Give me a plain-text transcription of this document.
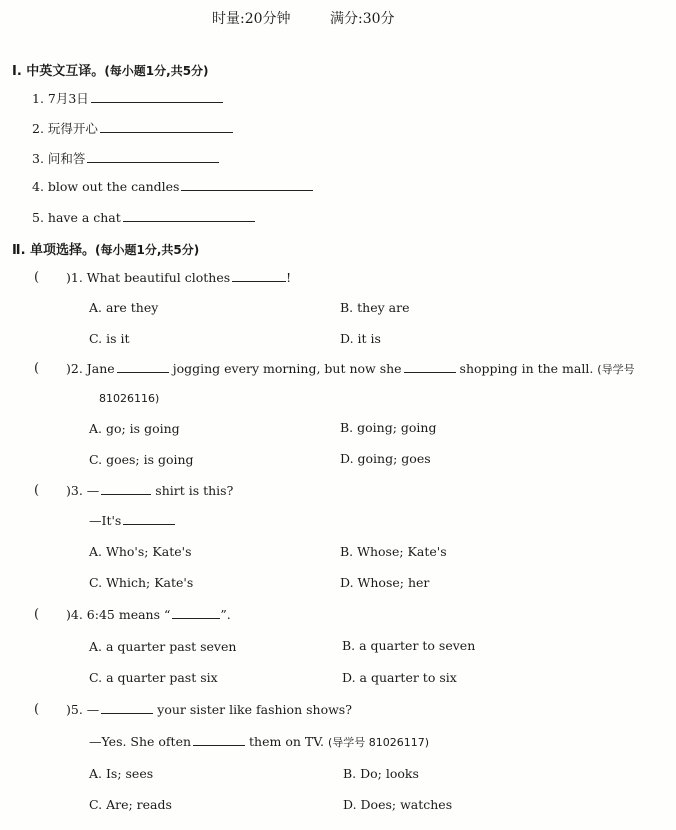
时量:20分钟	满分:30分
Ⅰ. 中英文互译。(每小题1分,共5分)
1. 7月3日
2. 玩得开心
3. 问和答
4. blow out the candles
5. have a chat
Ⅱ. 单项选择。(每小题1分,共5分)
( )1. What beautiful clothes	!
A. are they	B. they are
C. is it	D. it is
( )2. Jane	jogging every morning, but now she	shopping in the mall. (导学号
81026116)
A. go; is going	B. going; going
C. goes; is going	D. going; goes
( )3. —	shirt is this?
—It's
A. Who's; Kate's	B. Whose; Kate's
C. Which; Kate's	D. Whose; her
( )4. 6:45 means “	”.
A. a quarter past seven	B. a quarter to seven
C. a quarter past six	D. a quarter to six
( )5. —	your sister like fashion shows?
—Yes. She often	them on TV. (导学号 81026117)
A. Is; sees	B. Do; looks
C. Are; reads	D. Does; watches
